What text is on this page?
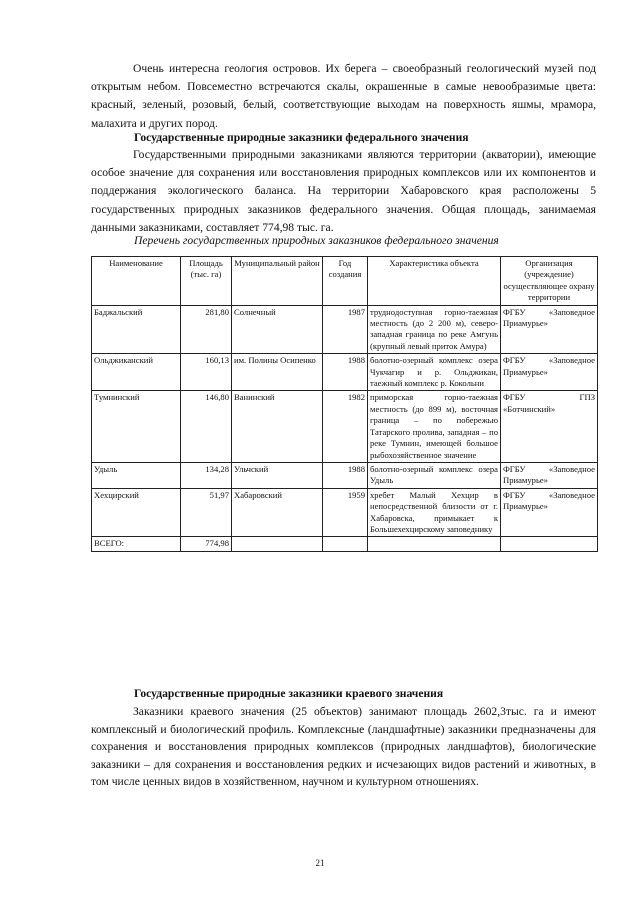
Очень интересна геология островов. Их берега – своеобразный геологический музей под открытым небом. Повсеместно встречаются скалы, окрашенные в самые невообразимые цвета: красный, зеленый, розовый, белый, соответствующие выходам на поверхность яшмы, мрамора, малахита и других пород.

Государственные природные заказники федерального значения

Государственными природными заказниками являются территории (акватории), имеющие особое значение для сохранения или восстановления природных комплексов или их компонентов и поддержания экологического баланса. На территории Хабаровского края расположены 5 государственных природных заказников федерального значения. Общая площадь, занимаемая данными заказниками, составляет 774,98 тыс. га.

Перечень государственных природных заказников федерального значения

Наименование	Площадь (тыс. га)	Муниципальный район	Год создания	Характеристика объекта	Организация (учреждение) осуществляющее охрану территории
Баджальский	281,80	Солнечный	1987	труднодоступная горно-таежная местность (до 2 200 м), северо-западная граница по реке Амгунь (крупный левый приток Амура)	ФГБУ «Заповедное Приамурье»
Ольджиканский	160,13	им. Полины Осипенко	1988	болотно-озерный комплекс озера Чукчагир и р. Ольджикан, таежный комплекс р. Кокольни	ФГБУ «Заповедное Приамурье»
Тумнинский	146,80	Ванинский	1982	приморская горно-таежная местность (до 899 м), восточная граница – по побережью Татарского пролива, западная – по реке Тумнин, имеющей большое рыбохозяйственное значение	ФГБУ ГПЗ «Ботчинский»
Удыль	134,28	Ульчский	1988	болотно-озерный комплекс озера Удыль	ФГБУ «Заповедное Приамурье»
Хехцирский	51,97	Хабаровский	1959	хребет Малый Хехцир в непосредственной близости от г. Хабаровска, примыкает к Большехехцирскому заповеднику	ФГБУ «Заповедное Приамурье»
ВСЕГО:	774,98				

Государственные природные заказники краевого значения

Заказники краевого значения (25 объектов) занимают площадь 2602,3тыс. га и имеют комплексный и биологический профиль. Комплексные (ландшафтные) заказники предназначены для сохранения и восстановления природных комплексов (природных ландшафтов), биологические заказники – для сохранения и восстановления редких и исчезающих видов растений и животных, в том числе ценных видов в хозяйственном, научном и культурном отношениях.

21
